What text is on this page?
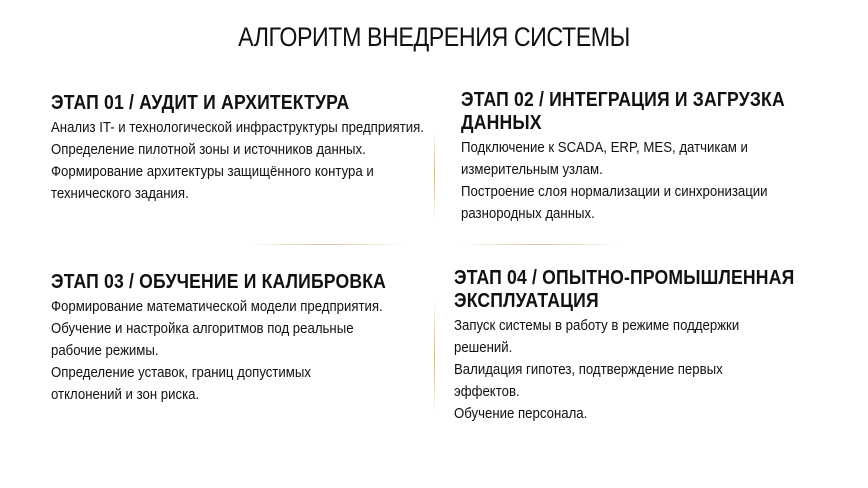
АЛГОРИТМ ВНЕДРЕНИЯ СИСТЕМЫ
ЭТАП 01 / АУДИТ И АРХИТЕКТУРА

Анализ IT- и технологической инфраструктуры предприятия.

Определение пилотной зоны и источников данных.

Формирование архитектуры защищённого контура и технического задания.

ЭТАП 02 / ИНТЕГРАЦИЯ И ЗАГРУЗКА ДАННЫХ

Подключение к SCADA, ERP, MES, датчикам и измерительным узлам.

Построение слоя нормализации и синхронизации разнородных данных.

ЭТАП 03 / ОБУЧЕНИЕ И КАЛИБРОВКА

Формирование математической модели предприятия.

Обучение и настройка алгоритмов под реальные рабочие режимы.

Определение уставок, границ допустимых отклонений и зон риска.

ЭТАП 04 / ОПЫТНО-ПРОМЫШЛЕННАЯ ЭКСПЛУАТАЦИЯ

Запуск системы в работу в режиме поддержки решений.

Валидация гипотез, подтверждение первых эффектов.

Обучение персонала.
